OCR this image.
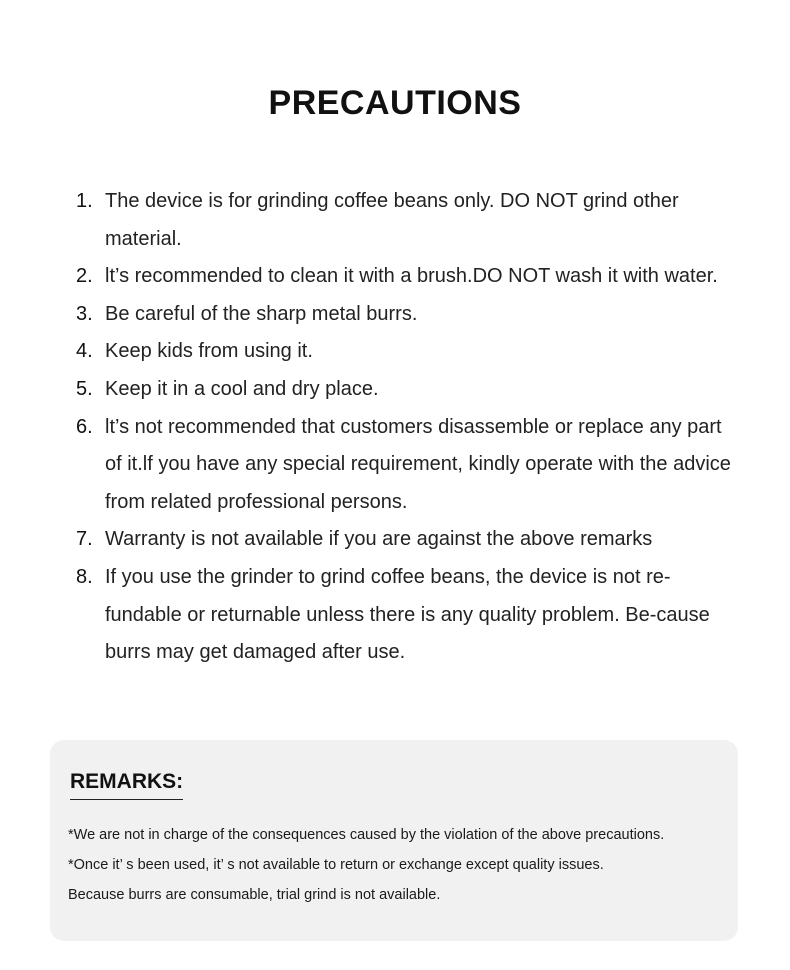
PRECAUTIONS
1. The device is for grinding coffee beans only. DO NOT grind other material.
2. lt’s recommended to clean it with a brush.DO NOT wash it with water.
3. Be careful of the sharp metal burrs.
4. Keep kids from using it.
5. Keep it in a cool and dry place.
6. lt’s not recommended that customers disassemble or replace any part of it.lf you have any special requirement, kindly operate with the advice from related professional persons.
7. Warranty is not available if you are against the above remarks
8. If you use the grinder to grind coffee beans, the device is not re-fundable or returnable unless there is any quality problem. Be-cause burrs may get damaged after use.
REMARKS:
*We are not in charge of the consequences caused by the violation of the above precautions.
*Once it’ s been used, it’ s not available to return or exchange except quality issues.
Because burrs are consumable, trial grind is not available.
